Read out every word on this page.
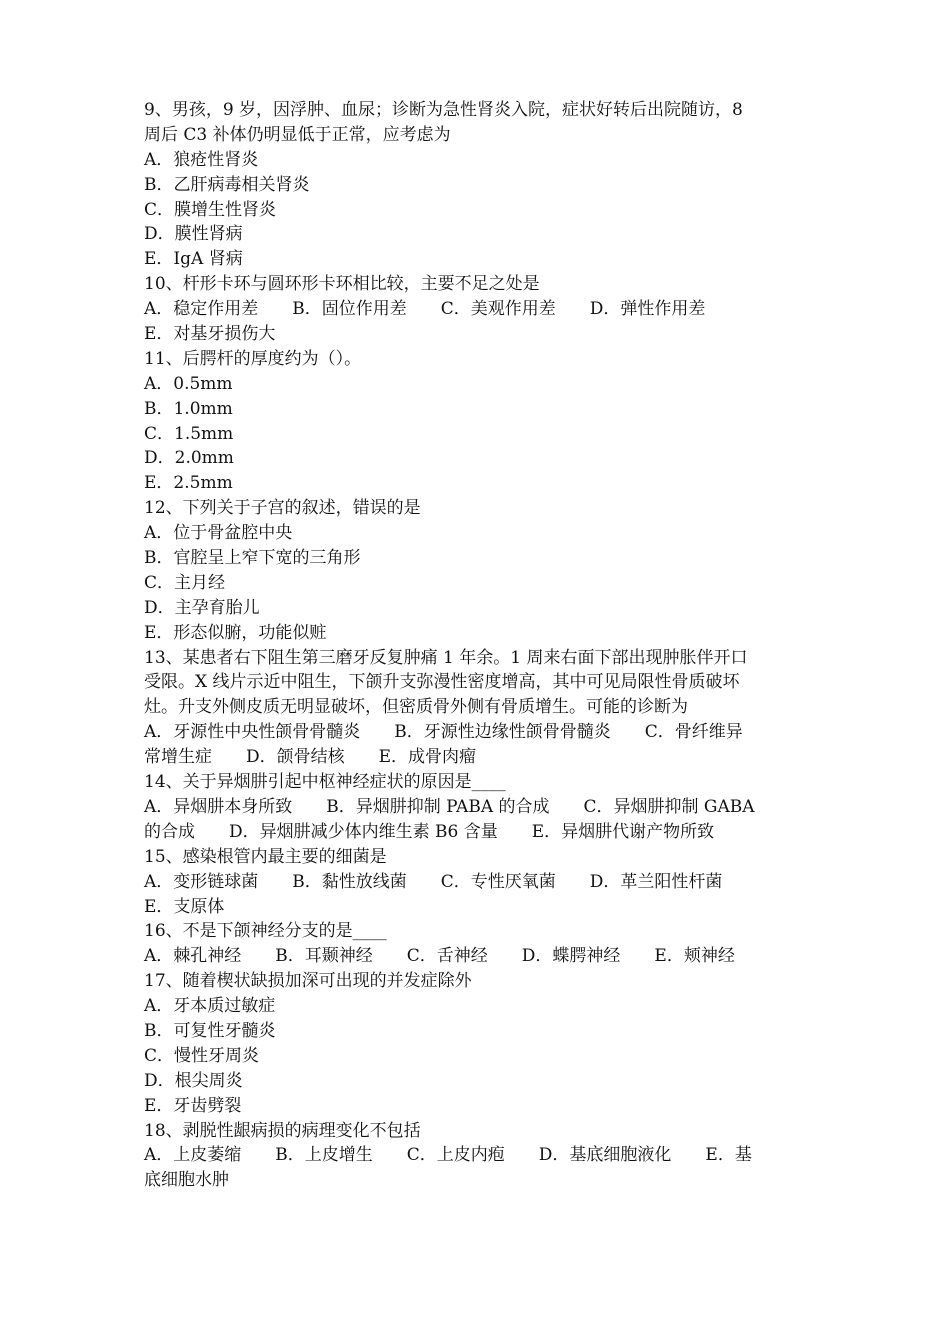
9、男孩，9 岁，因浮肿、血尿；诊断为急性肾炎入院，症状好转后出院随访，8
周后 C3 补体仍明显低于正常，应考虑为
A．狼疮性肾炎
B．乙肝病毒相关肾炎
C．膜增生性肾炎
D．膜性肾病
E．IgA 肾病
10、杆形卡环与圆环形卡环相比较，主要不足之处是
A．稳定作用差　　B．固位作用差　　C．美观作用差　　D．弹性作用差
E．对基牙损伤大
11、后腭杆的厚度约为（）。
A．0.5mm
B．1.0mm
C．1.5mm
D．2.0mm
E．2.5mm
12、下列关于子宫的叙述，错误的是
A．位于骨盆腔中央
B．官腔呈上窄下宽的三角形
C．主月经
D．主孕育胎儿
E．形态似腑，功能似赃
13、某患者右下阻生第三磨牙反复肿痛 1 年余。1 周来右面下部出现肿胀伴开口
受限。X 线片示近中阻生，下颌升支弥漫性密度增高，其中可见局限性骨质破坏
灶。升支外侧皮质无明显破坏，但密质骨外侧有骨质增生。可能的诊断为
A．牙源性中央性颌骨骨髓炎　　B．牙源性边缘性颌骨骨髓炎　　C．骨纤维异
常增生症　　D．颌骨结核　　E．成骨肉瘤
14、关于异烟肼引起中枢神经症状的原因是____
A．异烟肼本身所致　　B．异烟肼抑制 PABA 的合成　　C．异烟肼抑制 GABA
的合成　　D．异烟肼减少体内维生素 B6 含量　　E．异烟肼代谢产物所致
15、感染根管内最主要的细菌是
A．变形链球菌　　B．黏性放线菌　　C．专性厌氧菌　　D．革兰阳性杆菌
E．支原体
16、不是下颌神经分支的是____
A．棘孔神经　　B．耳颞神经　　C．舌神经　　D．蝶腭神经　　E．颊神经
17、随着楔状缺损加深可出现的并发症除外
A．牙本质过敏症
B．可复性牙髓炎
C．慢性牙周炎
D．根尖周炎
E．牙齿劈裂
18、剥脱性龈病损的病理变化不包括
A．上皮萎缩　　B．上皮增生　　C．上皮内疱　　D．基底细胞液化　　E．基
底细胞水肿
